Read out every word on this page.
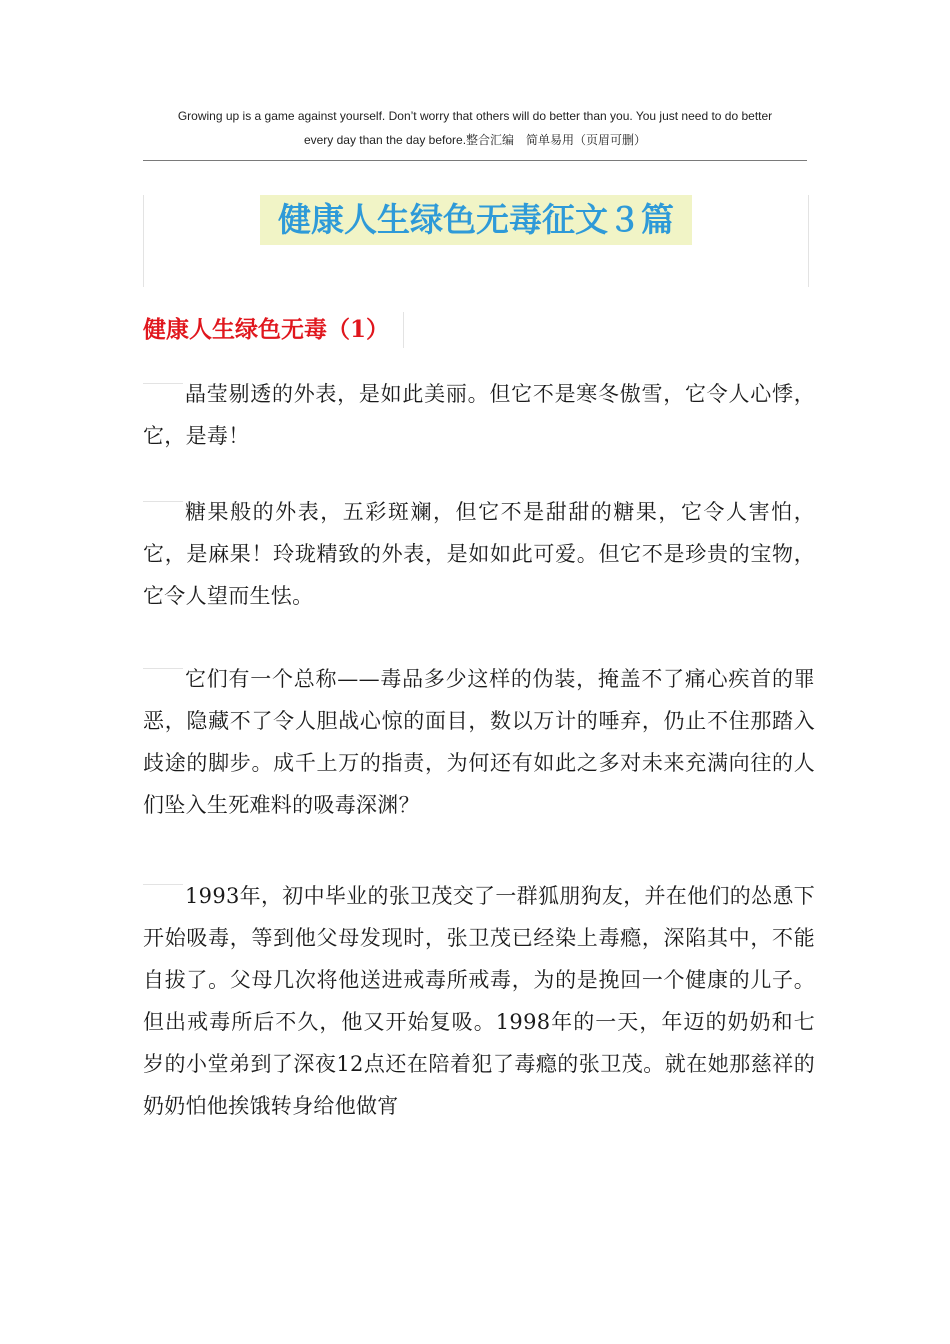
Growing up is a game against yourself. Don’t worry that others will do better than you. You just need to do better
every day than the day before.整合汇编　简单易用（页眉可删）
健康人生绿色无毒征文３篇
健康人生绿色无毒（1）
晶莹剔透的外表，是如此美丽。但它不是寒冬傲雪，它令人心悸，它，是毒！
糖果般的外表，五彩斑斓，但它不是甜甜的糖果，它令人害怕，它，是麻果！玲珑精致的外表，是如如此可爱。但它不是珍贵的宝物，它令人望而生怯。
它们有一个总称——毒品多少这样的伪装，掩盖不了痛心疾首的罪恶，隐藏不了令人胆战心惊的面目，数以万计的唾弃，仍止不住那踏入歧途的脚步。成千上万的指责，为何还有如此之多对未来充满向往的人们坠入生死难料的吸毒深渊？
1993年，初中毕业的张卫茂交了一群狐朋狗友，并在他们的怂恿下开始吸毒，等到他父母发现时，张卫茂已经染上毒瘾，深陷其中，不能自拔了。父母几次将他送进戒毒所戒毒，为的是挽回一个健康的儿子。但出戒毒所后不久，他又开始复吸。1998年的一天，年迈的奶奶和七岁的小堂弟到了深夜12点还在陪着犯了毒瘾的张卫茂。就在她那慈祥的奶奶怕他挨饿转身给他做宵
